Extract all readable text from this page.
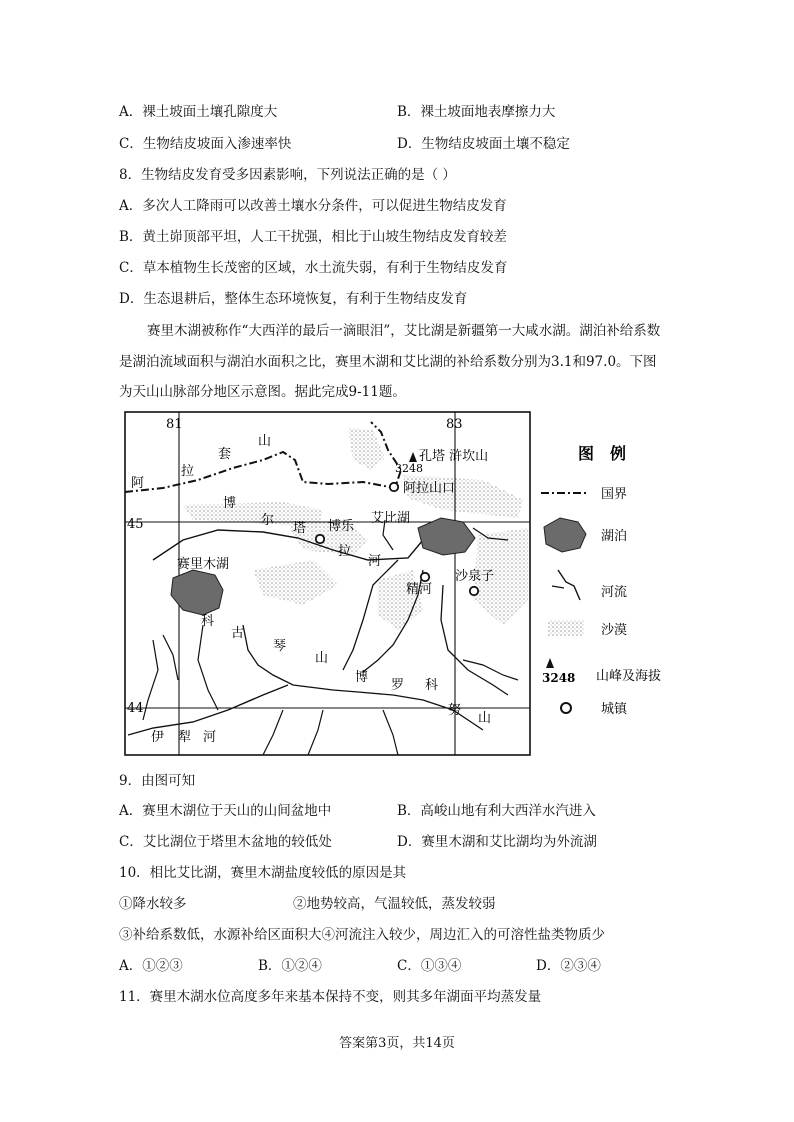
A．裸土坡面土壤孔隙度大	B．裸土坡面地表摩擦力大
C．生物结皮坡面入渗速率快	D．生物结皮坡面土壤不稳定
8．生物结皮发育受多因素影响，下列说法正确的是（ ）
A．多次人工降雨可以改善土壤水分条件，可以促进生物结皮发育
B．黄土峁顶部平坦，人工干扰强，相比于山坡生物结皮发育较差
C．草本植物生长茂密的区域，水土流失弱，有利于生物结皮发育
D．生态退耕后，整体生态环境恢复，有利于生物结皮发育
赛里木湖被称作“大西洋的最后一滴眼泪”，艾比湖是新疆第一大咸水湖。湖泊补给系数
是湖泊流域面积与湖泊水面积之比，赛里木湖和艾比湖的补给系数分别为3.1和97.0。下图
为天山山脉部分地区示意图。据此完成9-11题。
81	83
45
44
孔塔 浒坎山
3248
阿拉山口
博乐
艾比湖
精河
沙泉子
赛里木湖
阿
拉
套
山
博
尔
塔
拉
河
科
古
琴
山
博
罗 科
努
山
伊 犁 河
图　例
国界
湖泊
河流
沙漠
3248 山峰及海拔
城镇
9．由图可知
A．赛里木湖位于天山的山间盆地中	B．高峻山地有利大西洋水汽进入
C．艾比湖位于塔里木盆地的较低处	D．赛里木湖和艾比湖均为外流湖
10．相比艾比湖，赛里木湖盐度较低的原因是其
①降水较多	②地势较高，气温较低，蒸发较弱
③补给系数低，水源补给区面积大④河流注入较少，周边汇入的可溶性盐类物质少
A．①②③	B．①②④	C．①③④	D．②③④
11．赛里木湖水位高度多年来基本保持不变，则其多年湖面平均蒸发量
答案第3页，共14页
